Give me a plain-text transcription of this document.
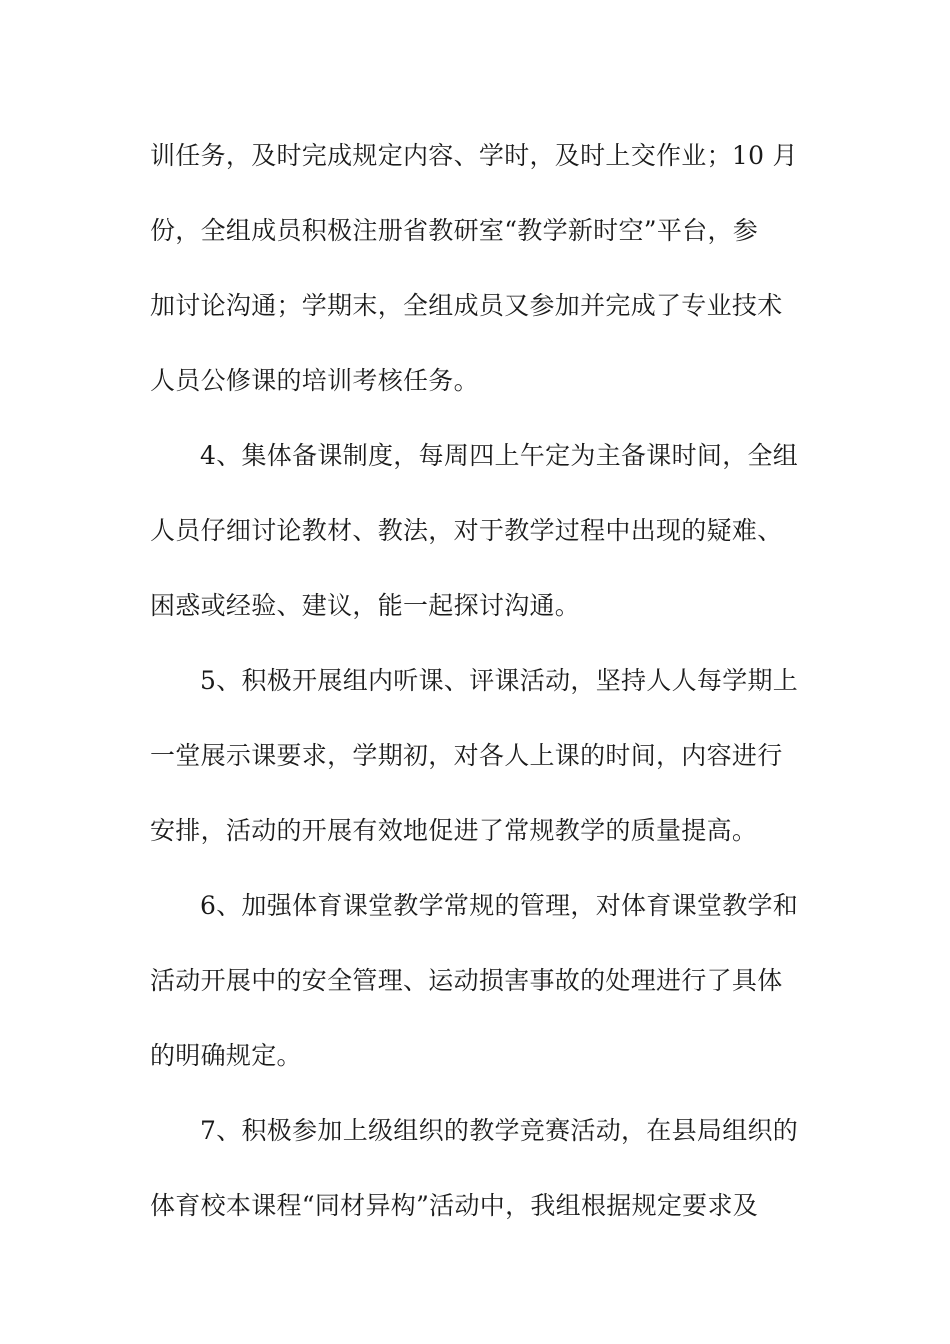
训任务，及时完成规定内容、学时，及时上交作业；10 月
份，全组成员积极注册省教研室“教学新时空”平台，参
加讨论沟通；学期末，全组成员又参加并完成了专业技术
人员公修课的培训考核任务。
4、集体备课制度，每周四上午定为主备课时间，全组
人员仔细讨论教材、教法，对于教学过程中出现的疑难、
困惑或经验、建议，能一起探讨沟通。
5、积极开展组内听课、评课活动，坚持人人每学期上
一堂展示课要求，学期初，对各人上课的时间，内容进行
安排，活动的开展有效地促进了常规教学的质量提高。
6、加强体育课堂教学常规的管理，对体育课堂教学和
活动开展中的安全管理、运动损害事故的处理进行了具体
的明确规定。
7、积极参加上级组织的教学竞赛活动，在县局组织的
体育校本课程“同材异构”活动中，我组根据规定要求及
